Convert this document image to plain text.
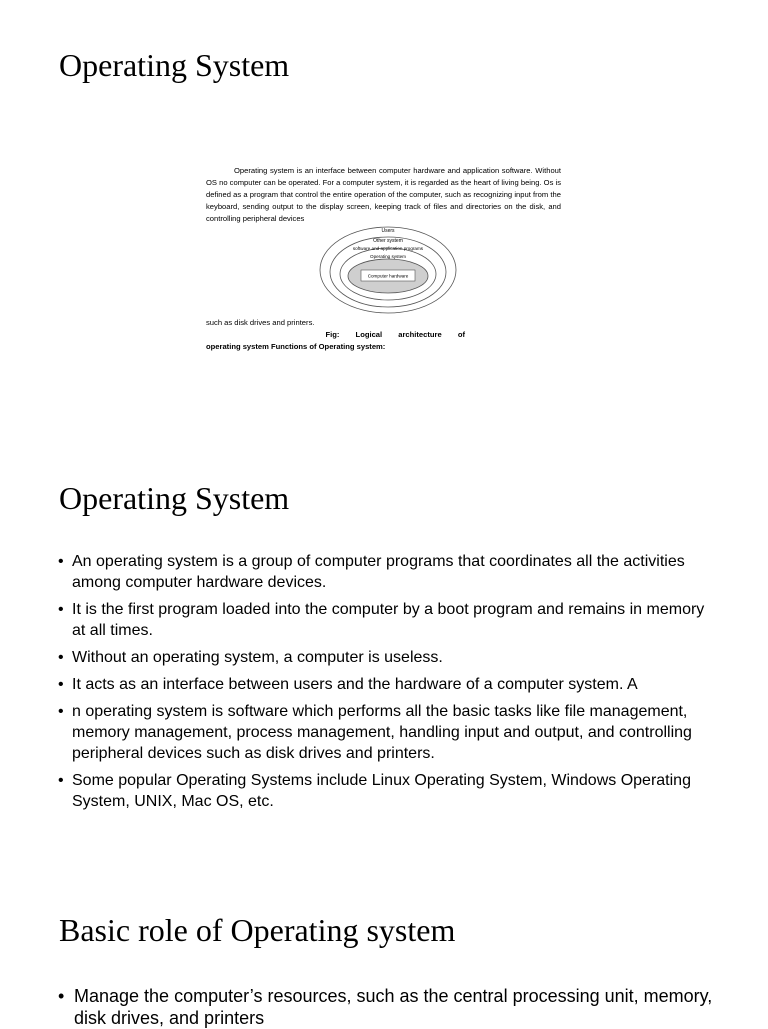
Operating System

Operating system is an interface between computer hardware and application software. Without OS no computer can be operated. For a computer system, it is regarded as the heart of living being. Os is defined as a program that control the entire operation of the computer, such as recognizing input from the keyboard, sending output to the display screen, keeping track of files and directories on the disk, and controlling peripheral devices

Users
Other system
software and application programs
Operating system
Computer hardware

such as disk drives and printers.

Fig: Logical architecture of

operating system Functions of Operating system:

Operating System
• An operating system is a group of computer programs that coordinates all the activities among computer hardware devices.
• It is the first program loaded into the computer by a boot program and remains in memory at all times.
• Without an operating system, a computer is useless.
• It acts as an interface between users and the hardware of a computer system. A
• n operating system is software which performs all the basic tasks like file management, memory management, process management, handling input and output, and controlling peripheral devices such as disk drives and printers.
• Some popular Operating Systems include Linux Operating System, Windows Operating System, UNIX, Mac OS, etc.
Basic role of Operating system
• Manage the computer’s resources, such as the central processing unit, memory, disk drives, and printers
